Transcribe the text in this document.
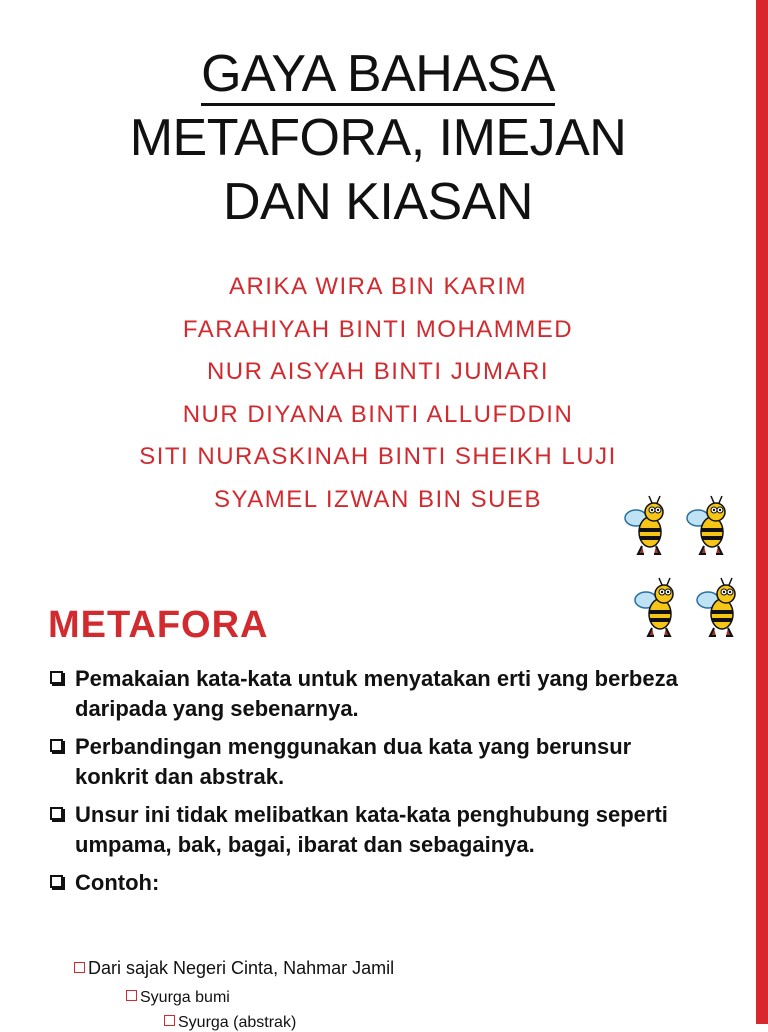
GAYA BAHASA

METAFORA, IMEJAN

DAN KIASAN

ARIKA WIRA BIN KARIM
FARAHIYAH BINTI MOHAMMED
NUR AISYAH BINTI JUMARI
NUR DIYANA BINTI ALLUFDDIN
SITI NURASKINAH BINTI SHEIKH LUJI
SYAMEL IZWAN BIN SUEB
METAFORA
Pemakaian kata-kata untuk menyatakan erti yang berbeza daripada yang sebenarnya.
Perbandingan menggunakan dua kata yang berunsur konkrit dan abstrak.
Unsur ini tidak melibatkan kata-kata penghubung seperti umpama, bak, bagai, ibarat dan sebagainya.
Contoh:
Dari sajak Negeri Cinta, Nahmar Jamil
Syurga bumi
Syurga (abstrak)
